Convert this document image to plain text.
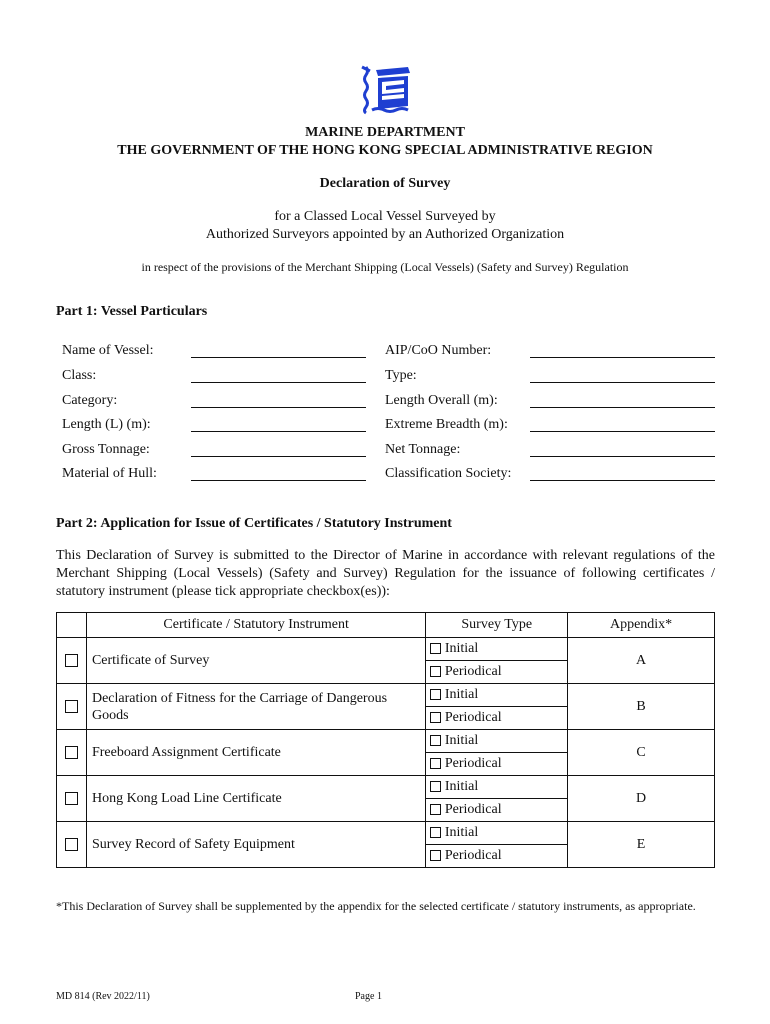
MARINE DEPARTMENT
THE GOVERNMENT OF THE HONG KONG SPECIAL ADMINISTRATIVE REGION
Declaration of Survey
for a Classed Local Vessel Surveyed by
Authorized Surveyors appointed by an Authorized Organization
in respect of the provisions of the Merchant Shipping (Local Vessels) (Safety and Survey) Regulation
Part 1: Vessel Particulars
Name of Vessel:	AIP/CoO Number:
Class:	Type:
Category:	Length Overall (m):
Length (L) (m):	Extreme Breadth (m):
Gross Tonnage:	Net Tonnage:
Material of Hull:	Classification Society:
Part 2: Application for Issue of Certificates / Statutory Instrument
This Declaration of Survey is submitted to the Director of Marine in accordance with relevant regulations of the Merchant Shipping (Local Vessels) (Safety and Survey) Regulation for the issuance of following certificates / statutory instrument (please tick appropriate checkbox(es)):
	Certificate / Statutory Instrument	Survey Type	Appendix*
	Certificate of Survey	Initial
Periodical	A
	Declaration of Fitness for the Carriage of Dangerous Goods	Initial
Periodical	B
	Freeboard Assignment Certificate	Initial
Periodical	C
	Hong Kong Load Line Certificate	Initial
Periodical	D
	Survey Record of Safety Equipment	Initial
Periodical	E
*This Declaration of Survey shall be supplemented by the appendix for the selected certificate / statutory instruments, as appropriate.
MD 814 (Rev 2022/11)	Page 1
